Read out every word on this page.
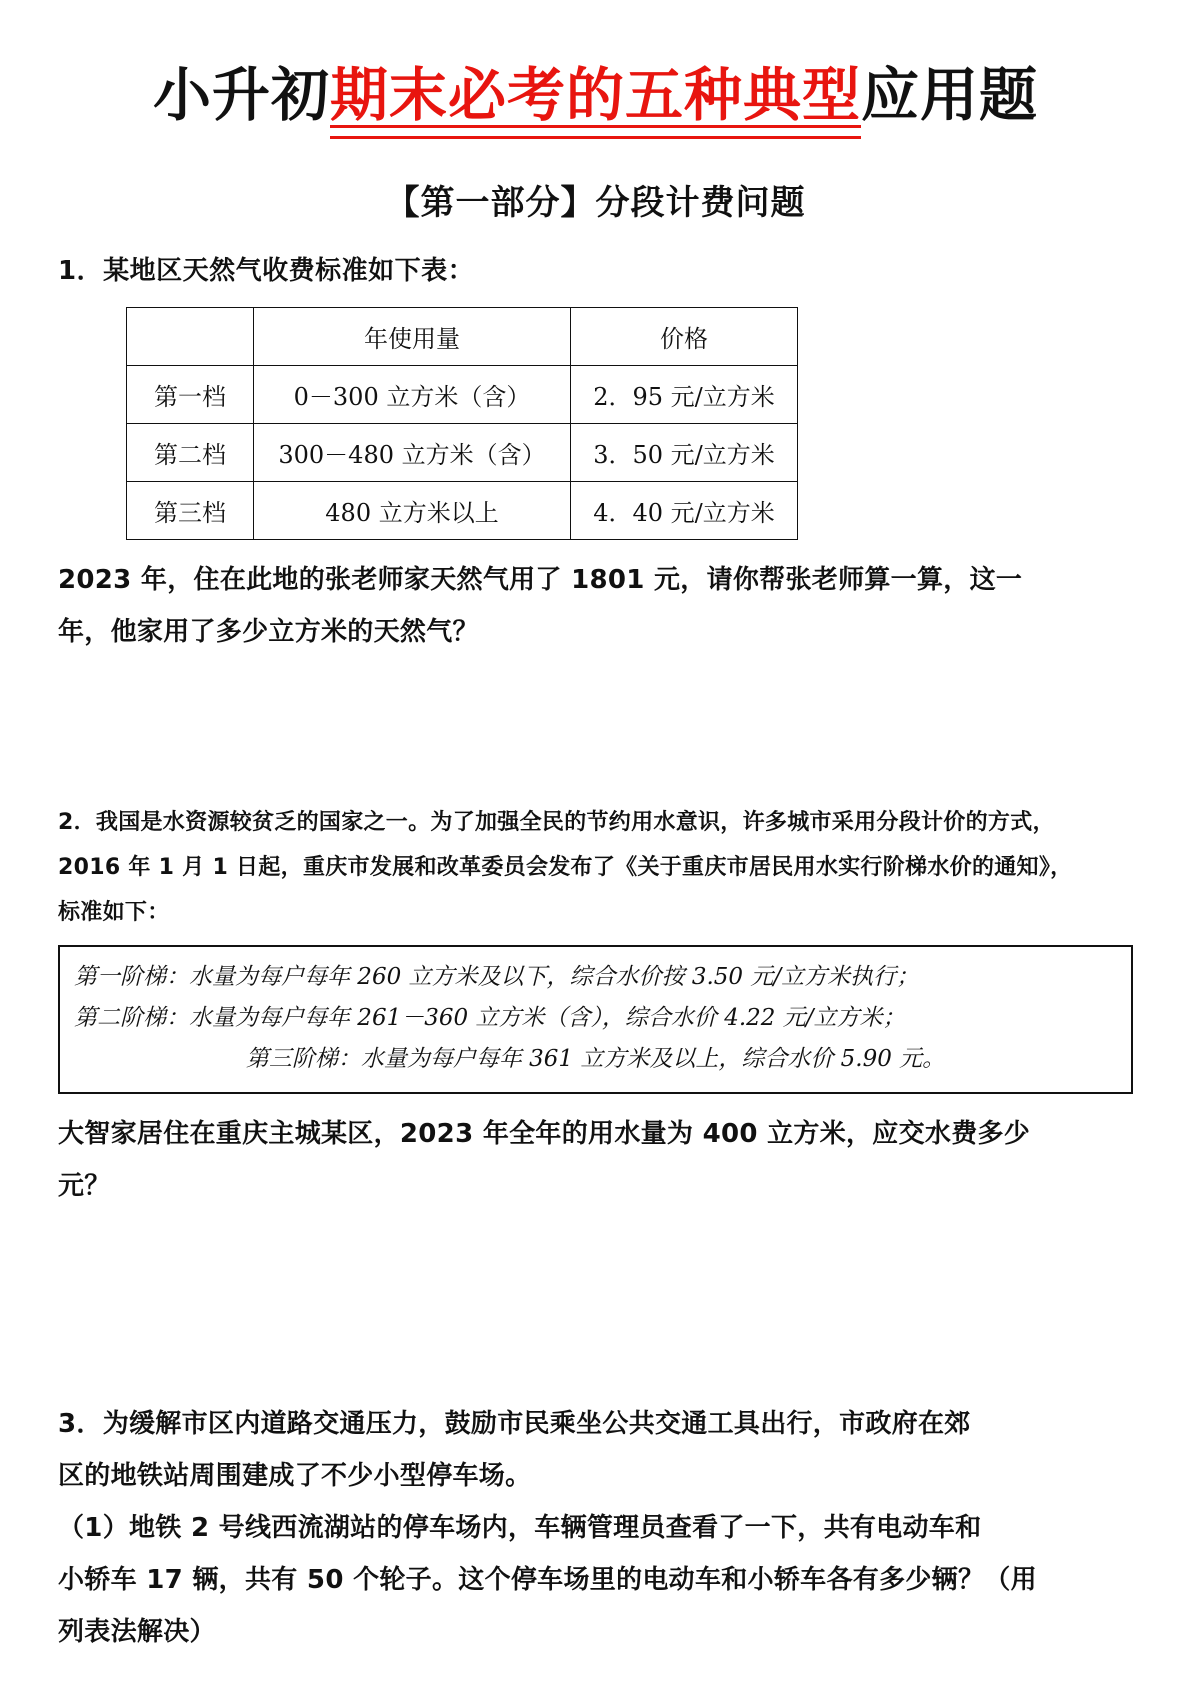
小升初期末必考的五种典型应用题
【第一部分】分段计费问题
1．某地区天然气收费标准如下表：
	年使用量	价格
第一档	0－300 立方米（含）	2．95 元/立方米
第二档	300－480 立方米（含）	3．50 元/立方米
第三档	480 立方米以上	4．40 元/立方米
2023 年，住在此地的张老师家天然气用了 1801 元，请你帮张老师算一算，这一
年，他家用了多少立方米的天然气？
2．我国是水资源较贫乏的国家之一。为了加强全民的节约用水意识，许多城市采用分段计价的方式，
2016 年 1 月 1 日起，重庆市发展和改革委员会发布了《关于重庆市居民用水实行阶梯水价的通知》，
标准如下：
第一阶梯：水量为每户每年 260 立方米及以下，综合水价按 3.50 元/立方米执行；
第二阶梯：水量为每户每年 261－360 立方米（含），综合水价 4.22 元/立方米；
第三阶梯：水量为每户每年 361 立方米及以上，综合水价 5.90 元。
大智家居住在重庆主城某区，2023 年全年的用水量为 400 立方米，应交水费多少
元？
3．为缓解市区内道路交通压力，鼓励市民乘坐公共交通工具出行，市政府在郊
区的地铁站周围建成了不少小型停车场。
（1）地铁 2 号线西流湖站的停车场内，车辆管理员查看了一下，共有电动车和
小轿车 17 辆，共有 50 个轮子。这个停车场里的电动车和小轿车各有多少辆？（用
列表法解决）
